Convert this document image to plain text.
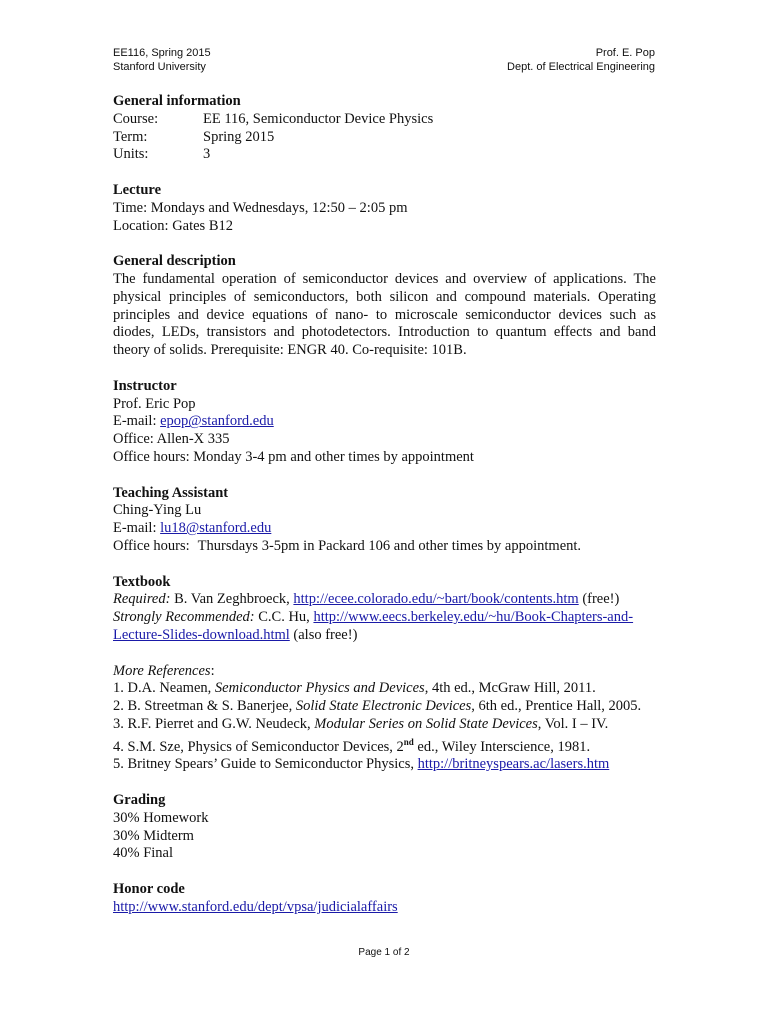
EE116, Spring 2015
Stanford University
Prof. E. Pop
Dept. of Electrical Engineering

General information

Course:	EE 116, Semiconductor Device Physics
Term:	Spring 2015
Units:	3

Lecture

Time: Mondays and Wednesdays, 12:50 – 2:05 pm

Location: Gates B12

General description

The fundamental operation of semiconductor devices and overview of applications. The physical principles of semiconductors, both silicon and compound materials. Operating principles and device equations of nano- to microscale semiconductor devices such as diodes, LEDs, transistors and photodetectors. Introduction to quantum effects and band theory of solids. Prerequisite: ENGR 40. Co-requisite: 101B.

Instructor

Prof. Eric Pop

E-mail: epop@stanford.edu

Office: Allen-X 335

Office hours: Monday 3-4 pm and other times by appointment

Teaching Assistant

Ching-Ying Lu

E-mail: lu18@stanford.edu

Office hours: Thursdays 3-5pm in Packard 106 and other times by appointment.

Textbook

Required: B. Van Zeghbroeck, http://ecee.colorado.edu/~bart/book/contents.htm (free!)

Strongly Recommended: C.C. Hu, http://www.eecs.berkeley.edu/~hu/Book-Chapters-and-Lecture-Slides-download.html (also free!)

More References:

1. D.A. Neamen, Semiconductor Physics and Devices, 4th ed., McGraw Hill, 2011.

2. B. Streetman & S. Banerjee, Solid State Electronic Devices, 6th ed., Prentice Hall, 2005.

3. R.F. Pierret and G.W. Neudeck, Modular Series on Solid State Devices, Vol. I – IV.

4. S.M. Sze, Physics of Semiconductor Devices, 2nd ed., Wiley Interscience, 1981.

5. Britney Spears’ Guide to Semiconductor Physics, http://britneyspears.ac/lasers.htm

Grading

30% Homework

30% Midterm

40% Final

Honor code

http://www.stanford.edu/dept/vpsa/judicialaffairs

Page 1 of 2
